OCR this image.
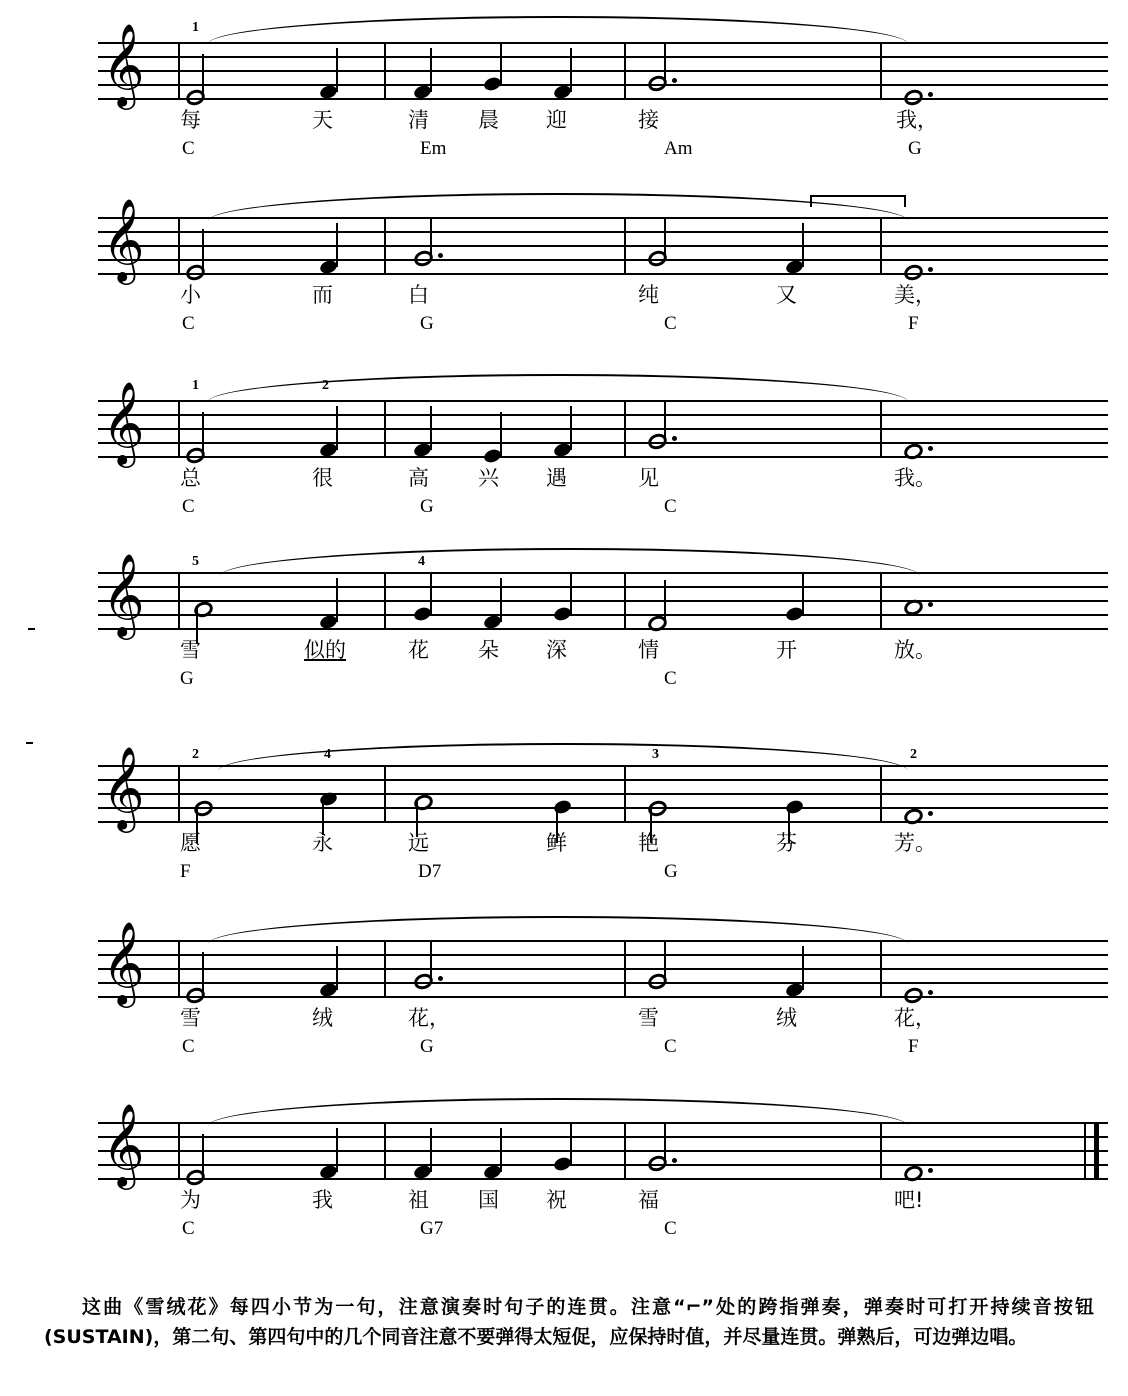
𝄞	1
每	天	清 晨 迎	接	我，
C	Em	Am	G
𝄞
小	而	白	纯	又	美，
C	G	C	F
𝄞	1	2
总	很	高 兴 遇	见	我。
C	G	C
𝄞	5	4
雪	似的	花 朵 深	情	开	放。
G	C
𝄞	2	4	3	2
愿	永	远	鲜	艳	芬	芳。
F	D7	G
𝄞
雪	绒	花，	雪	绒	花，
C	G	C	F
𝄞
为	我	祖 国 祝	福	吧!
C	G7	C

这曲《雪绒花》每四小节为一句，注意演奏时句子的连贯。注意“⌐”处的跨指弹奏，弹奏时可打开持续音按钮(SUSTAIN)，第二句、第四句中的几个同音注意不要弹得太短促，应保持时值，并尽量连贯。弹熟后，可边弹边唱。
